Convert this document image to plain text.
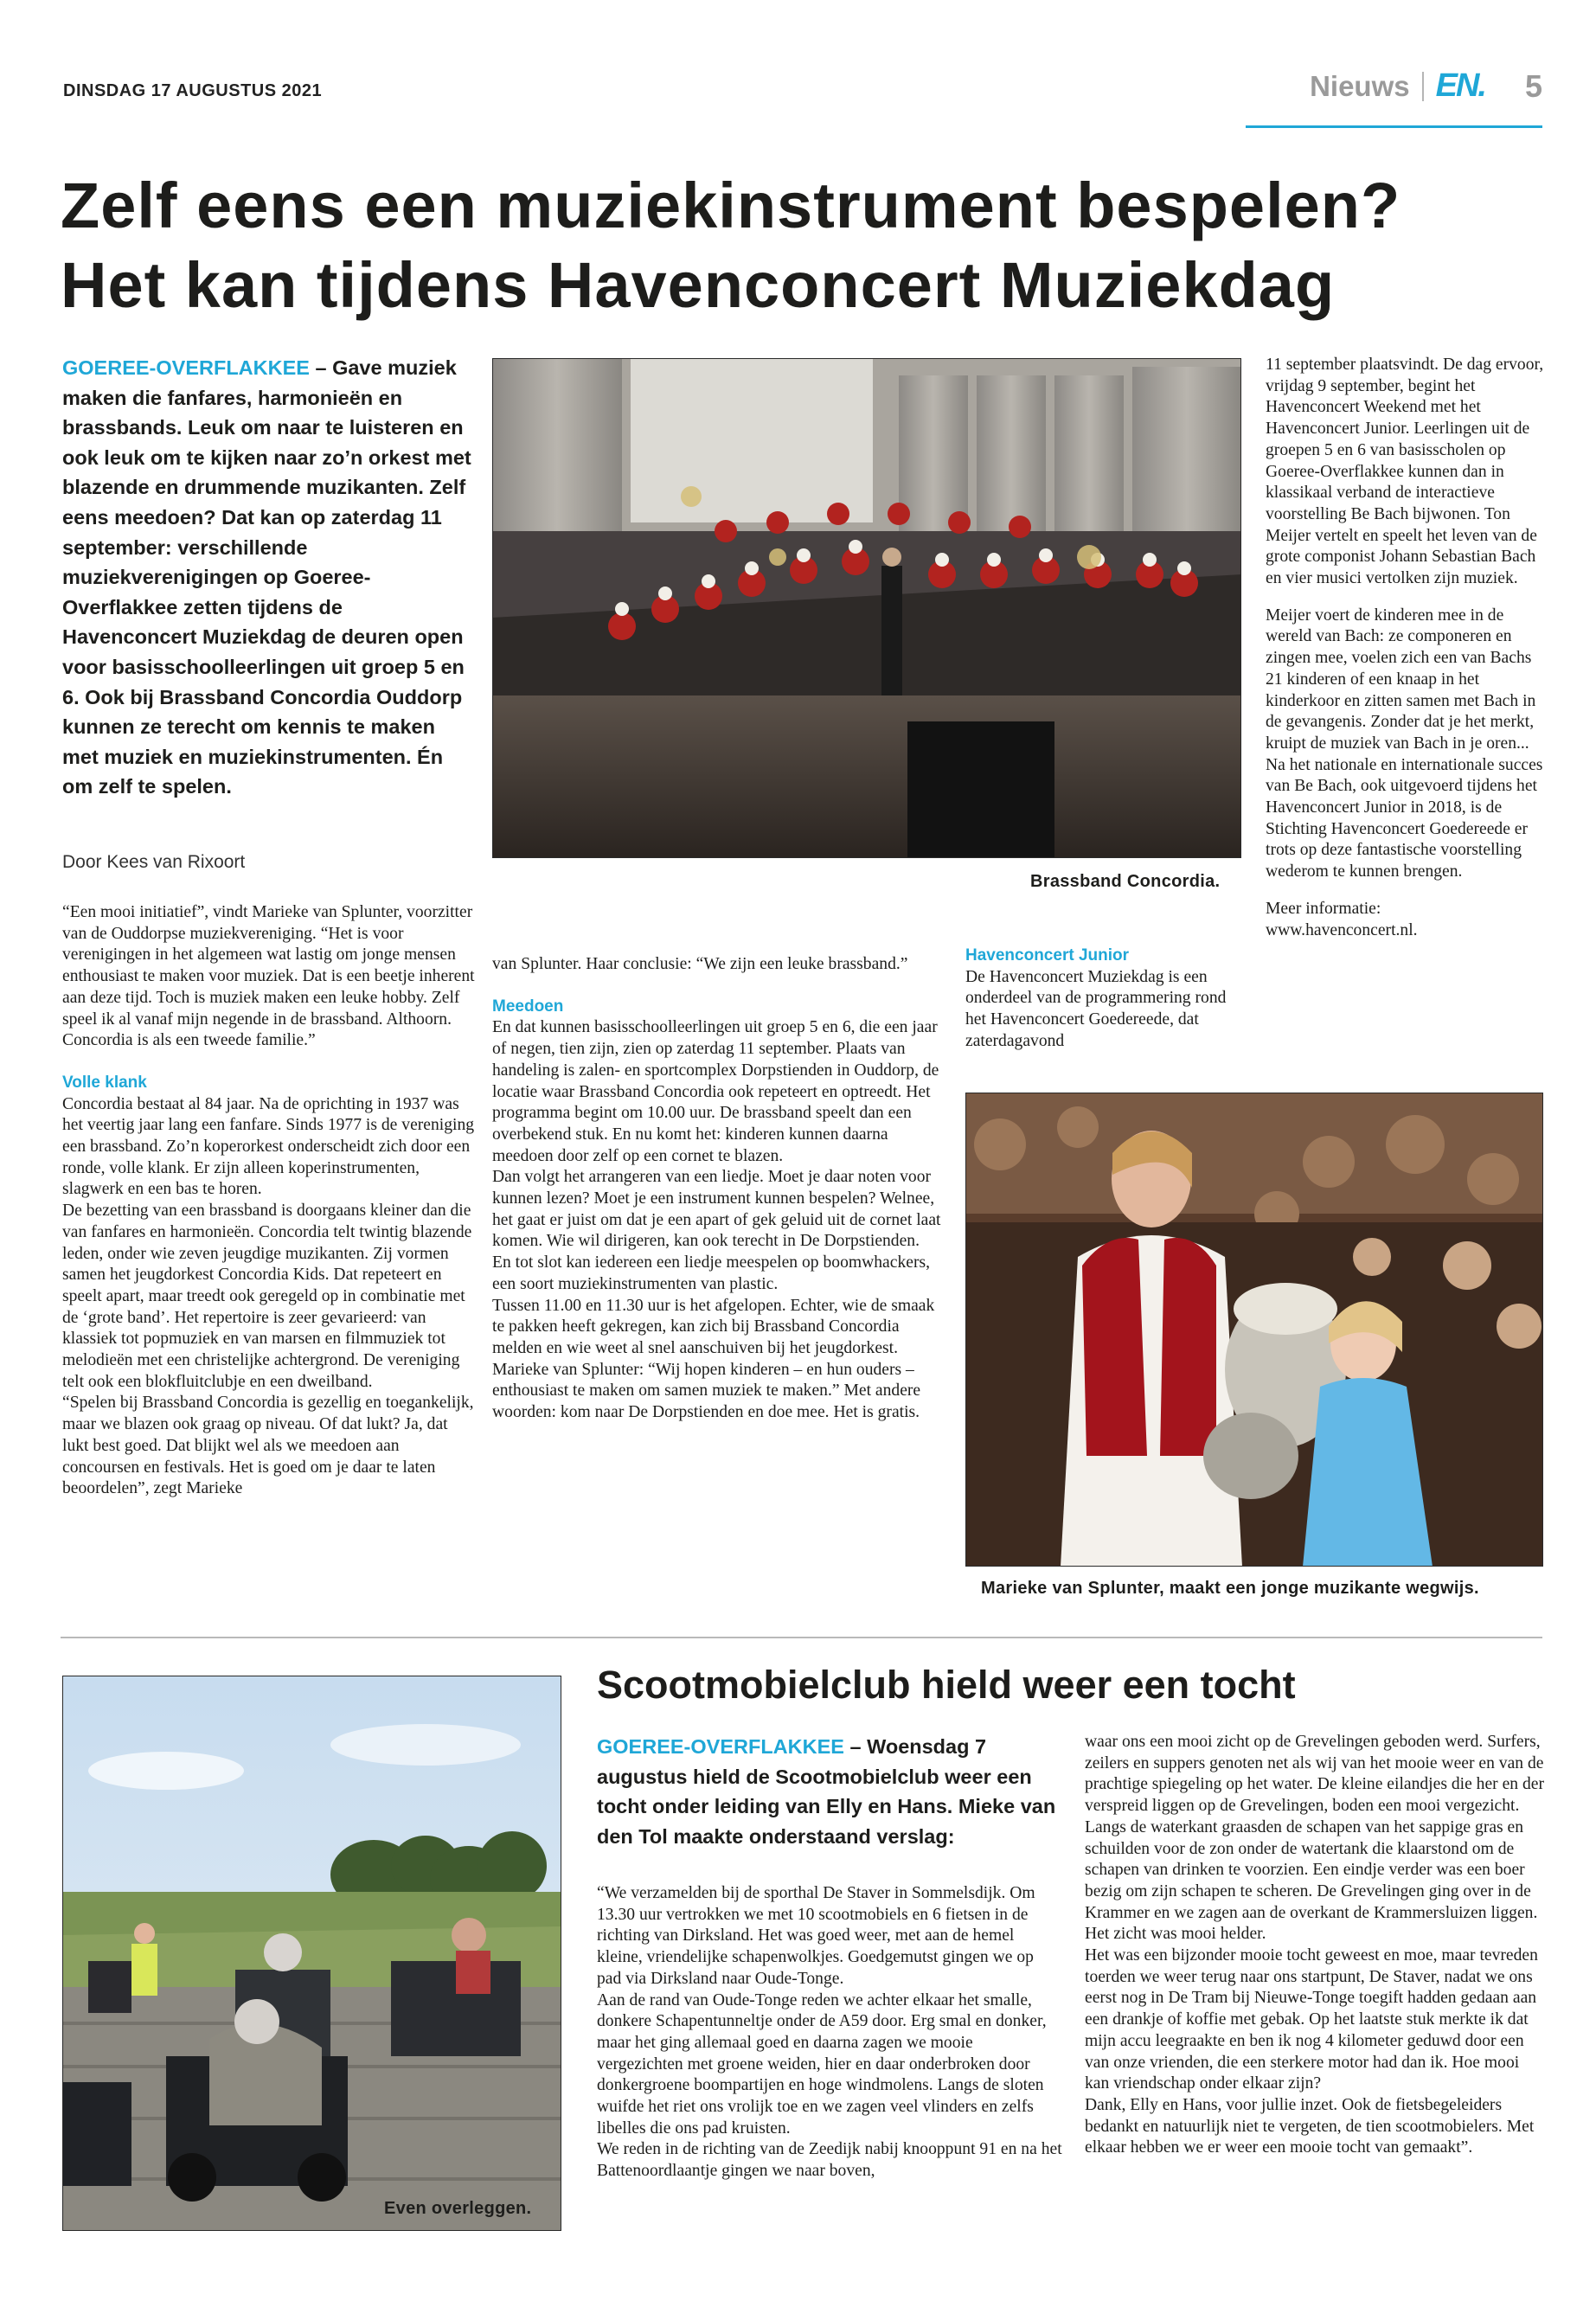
DINSDAG 17 AUGUSTUS 2021	Nieuws EN.	5
Zelf eens een muziekinstrument bespelen?
Het kan tijdens Havenconcert Muziekdag
GOEREE-OVERFLAKKEE – Gave muziek maken die fanfares, harmonieën en brassbands. Leuk om naar te luisteren en ook leuk om te kijken naar zo’n orkest met blazende en drummende muzikanten. Zelf eens meedoen? Dat kan op zaterdag 11 september: verschillende muziekverenigingen op Goeree-Overflakkee zetten tijdens de Havenconcert Muziekdag de deuren open voor basisschoolleerlingen uit groep 5 en 6. Ook bij Brassband Concordia Ouddorp kunnen ze terecht om kennis te maken met muziek en muziekinstrumenten. Én om zelf te spelen.
Door Kees van Rixoort

“Een mooi initiatief”, vindt Marieke van Splunter, voorzitter van de Ouddorpse muziekvereniging. “Het is voor verenigingen in het algemeen wat lastig om jonge mensen enthousiast te maken voor muziek. Dat is een beetje inherent aan deze tijd. Toch is muziek maken een leuke hobby. Zelf speel ik al vanaf mijn negende in de brassband. Althoorn. Concordia is als een tweede familie.”

Volle klank

Concordia bestaat al 84 jaar. Na de oprichting in 1937 was het veertig jaar lang een fanfare. Sinds 1977 is de vereniging een brassband. Zo’n koperorkest onderscheidt zich door een ronde, volle klank. Er zijn alleen koperinstrumenten, slagwerk en een bas te horen.

De bezetting van een brassband is doorgaans kleiner dan die van fanfares en harmonieën. Concordia telt twintig blazende leden, onder wie zeven jeugdige muzikanten. Zij vormen samen het jeugdorkest Concordia Kids. Dat repeteert en speelt apart, maar treedt ook geregeld op in combinatie met de ‘grote band’. Het repertoire is zeer gevarieerd: van klassiek tot popmuziek en van marsen en filmmuziek tot melodieën met een christelijke achtergrond. De vereniging telt ook een blokfluitclubje en een dweilband.

“Spelen bij Brassband Concordia is gezellig en toegankelijk, maar we blazen ook graag op niveau. Of dat lukt? Ja, dat lukt best goed. Dat blijkt wel als we meedoen aan concoursen en festivals. Het is goed om je daar te laten beoordelen”, zegt Marieke

Brassband Concordia.

van Splunter. Haar conclusie: “We zijn een leuke brassband.”

Meedoen

En dat kunnen basisschoolleerlingen uit groep 5 en 6, die een jaar of negen, tien zijn, zien op zaterdag 11 september. Plaats van handeling is zalen- en sportcomplex Dorpstienden in Ouddorp, de locatie waar Brassband Concordia ook repeteert en optreedt. Het programma begint om 10.00 uur. De brassband speelt dan een overbekend stuk. En nu komt het: kinderen kunnen daarna meedoen door zelf op een cornet te blazen.

Dan volgt het arrangeren van een liedje. Moet je daar noten voor kunnen lezen? Moet je een instrument kunnen bespelen? Welnee, het gaat er juist om dat je een apart of gek geluid uit de cornet laat komen. Wie wil dirigeren, kan ook terecht in De Dorpstienden.

En tot slot kan iedereen een liedje meespelen op boomwhackers, een soort muziekinstrumenten van plastic.

Tussen 11.00 en 11.30 uur is het afgelopen. Echter, wie de smaak te pakken heeft gekregen, kan zich bij Brassband Concordia melden en wie weet al snel aanschuiven bij het jeugdorkest. Marieke van Splunter: “Wij hopen kinderen – en hun ouders – enthousiast te maken om samen muziek te maken.” Met andere woorden: kom naar De Dorpstienden en doe mee. Het is gratis.

Havenconcert Junior

De Havenconcert Muziekdag is een onderdeel van de programmering rond het Havenconcert Goedereede, dat zaterdagavond

11 september plaatsvindt. De dag ervoor, vrijdag 9 september, begint het Havenconcert Weekend met het Havenconcert Junior. Leerlingen uit de groepen 5 en 6 van basisscholen op Goeree-Overflakkee kunnen dan in klassikaal verband de interactieve voorstelling Be Bach bijwonen. Ton Meijer vertelt en speelt het leven van de grote componist Johann Sebastian Bach en vier musici vertolken zijn muziek.

Meijer voert de kinderen mee in de wereld van Bach: ze componeren en zingen mee, voelen zich een van Bachs 21 kinderen of een knaap in het kinderkoor en zitten samen met Bach in de gevangenis. Zonder dat je het merkt, kruipt de muziek van Bach in je oren... Na het nationale en internationale succes van Be Bach, ook uitgevoerd tijdens het Havenconcert Junior in 2018, is de Stichting Havenconcert Goedereede er trots op deze fantastische voorstelling wederom te kunnen brengen.

Meer informatie:

www.havenconcert.nl.

Marieke van Splunter, maakt een jonge muzikante wegwijs.
Even overleggen.
Scootmobielclub hield weer een tocht
GOEREE-OVERFLAKKEE – Woensdag 7 augustus hield de Scootmobielclub weer een tocht onder leiding van Elly en Hans. Mieke van den Tol maakte onderstaand verslag:

“We verzamelden bij de sporthal De Staver in Sommelsdijk. Om 13.30 uur vertrokken we met 10 scootmobiels en 6 fietsen in de richting van Dirksland. Het was goed weer, met aan de hemel kleine, vriendelijke schapenwolkjes. Goedgemutst gingen we op pad via Dirksland naar Oude-Tonge.

Aan de rand van Oude-Tonge reden we achter elkaar het smalle, donkere Schapentunneltje onder de A59 door. Erg smal en donker, maar het ging allemaal goed en daarna zagen we mooie vergezichten met groene weiden, hier en daar onderbroken door donkergroene boompartijen en hoge windmolens. Langs de sloten wuifde het riet ons vrolijk toe en we zagen veel vlinders en zelfs libelles die ons pad kruisten.

We reden in de richting van de Zeedijk nabij knooppunt 91 en na het Battenoordlaantje gingen we naar boven,

waar ons een mooi zicht op de Grevelingen geboden werd. Surfers, zeilers en suppers genoten net als wij van het mooie weer en van de prachtige spiegeling op het water. De kleine eilandjes die her en der verspreid liggen op de Grevelingen, boden een mooi vergezicht. Langs de waterkant graasden de schapen van het sappige gras en schuilden voor de zon onder de watertank die klaarstond om de schapen van drinken te voorzien. Een eindje verder was een boer bezig om zijn schapen te scheren. De Grevelingen ging over in de Krammer en we zagen aan de overkant de Krammersluizen liggen. Het zicht was mooi helder.

Het was een bijzonder mooie tocht geweest en moe, maar tevreden toerden we weer terug naar ons startpunt, De Staver, nadat we ons eerst nog in De Tram bij Nieuwe-Tonge toegift hadden gedaan aan een drankje of koffie met gebak. Op het laatste stuk merkte ik dat mijn accu leegraakte en ben ik nog 4 kilometer geduwd door een van onze vrienden, die een sterkere motor had dan ik. Hoe mooi kan vriendschap onder elkaar zijn?

Dank, Elly en Hans, voor jullie inzet. Ook de fietsbegeleiders bedankt en natuurlijk niet te vergeten, de tien scootmobielers. Met elkaar hebben we er weer een mooie tocht van gemaakt”.
